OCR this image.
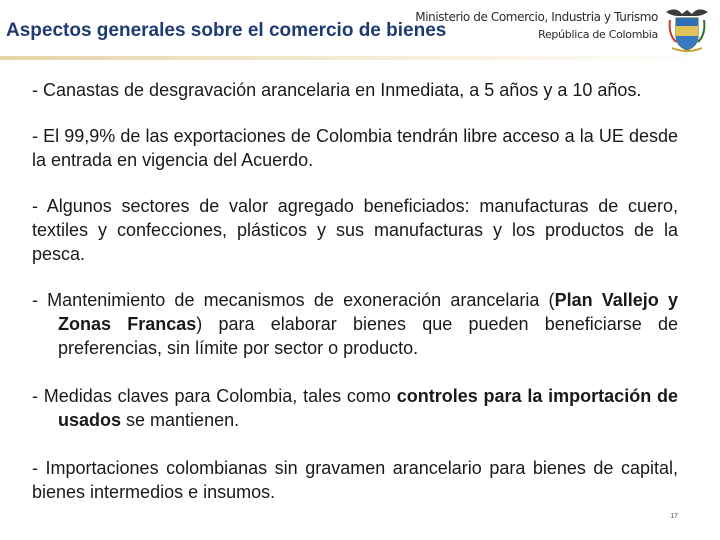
Aspectos generales sobre el comercio de bienes
Ministerio de Comercio, Industria y Turismo
República de Colombia

- Canastas de desgravación arancelaria en Inmediata, a 5 años y a 10 años.

- El 99,9% de las exportaciones de Colombia tendrán libre acceso a la UE desde la entrada en vigencia del Acuerdo.

- Algunos sectores de valor agregado beneficiados: manufacturas de cuero, textiles y confecciones, plásticos y sus manufacturas y los productos de la pesca.

- Mantenimiento de mecanismos de exoneración arancelaria (Plan Vallejo y Zonas Francas) para elaborar bienes que pueden beneficiarse de preferencias, sin límite por sector o producto.

- Medidas claves para Colombia, tales como controles para la importación de usados se mantienen.

- Importaciones colombianas sin gravamen arancelario para bienes de capital, bienes intermedios e insumos.

17
